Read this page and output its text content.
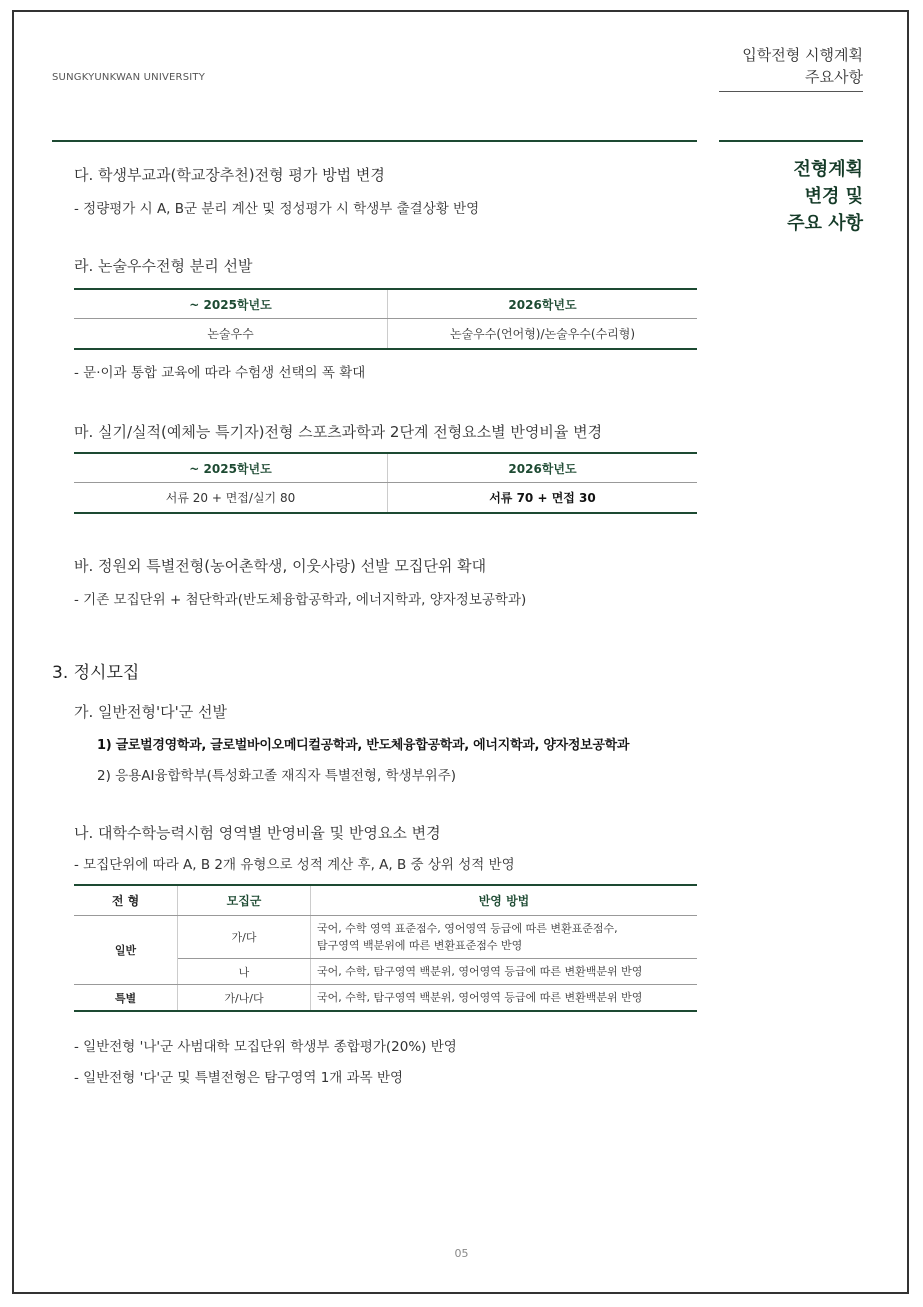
SUNGKYUNKWAN UNIVERSITY
입학전형 시행계획
주요사항
전형계획
변경 및
주요 사항
다. 학생부교과(학교장추천)전형 평가 방법 변경
- 정량평가 시 A, B군 분리 계산 및 정성평가 시 학생부 출결상황 반영
라. 논술우수전형 분리 선발
~ 2025학년도	2026학년도
논술우수	논술우수(언어형)/논술우수(수리형)
- 문·이과 통합 교육에 따라 수험생 선택의 폭 확대
마. 실기/실적(예체능 특기자)전형 스포츠과학과 2단계 전형요소별 반영비율 변경
~ 2025학년도	2026학년도
서류 20 + 면접/실기 80	서류 70 + 면접 30
바. 정원외 특별전형(농어촌학생, 이웃사랑) 선발 모집단위 확대
- 기존 모집단위 + 첨단학과(반도체융합공학과, 에너지학과, 양자정보공학과)
3. 정시모집
가. 일반전형'다'군 선발
1) 글로벌경영학과, 글로벌바이오메디컬공학과, 반도체융합공학과, 에너지학과, 양자정보공학과
2) 응용AI융합학부(특성화고졸 재직자 특별전형, 학생부위주)
나. 대학수학능력시험 영역별 반영비율 및 반영요소 변경
- 모집단위에 따라 A, B 2개 유형으로 성적 계산 후, A, B 중 상위 성적 반영
전 형	모집군	반영 방법
일반	가/다	국어, 수학 영역 표준점수, 영어영역 등급에 따른 변환표준점수,
탐구영역 백분위에 따른 변환표준점수 반영

	나	국어, 수학, 탐구영역 백분위, 영어영역 등급에 따른 변환백분위 반영
특별	가/나/다	국어, 수학, 탐구영역 백분위, 영어영역 등급에 따른 변환백분위 반영
- 일반전형 '나'군 사범대학 모집단위 학생부 종합평가(20%) 반영
- 일반전형 '다'군 및 특별전형은 탐구영역 1개 과목 반영
05
